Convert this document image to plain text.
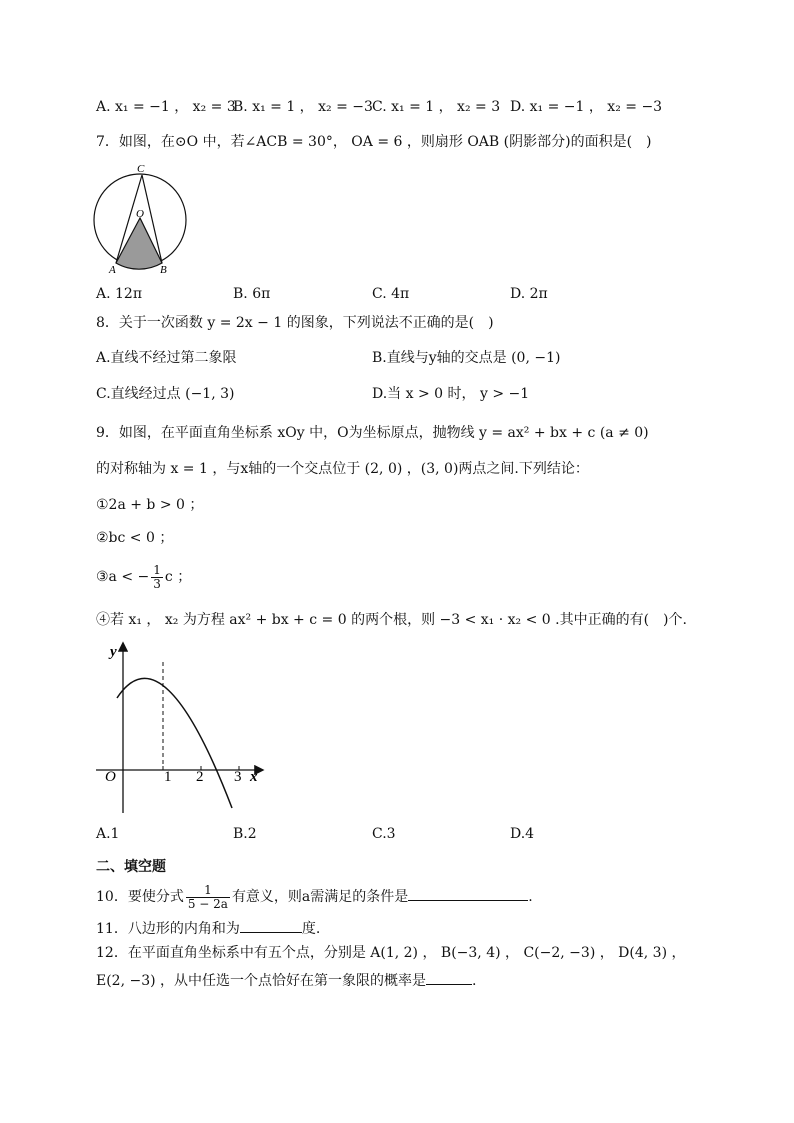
A. x₁ = −1 ， x₂ = 3
B. x₁ = 1 ， x₂ = −3 C. x₁ = 1 ， x₂ = 3 D. x₁ = −1 ， x₂ = −3
7．如图，在⊙O 中，若∠ACB = 30°， OA = 6 ，则扇形 OAB (阴影部分)的面积是(　)
C
O
A	B
A. 12π	B. 6π	C. 4π	D. 2π
8．关于一次函数 y = 2x − 1 的图象，下列说法不正确的是(　)
A.直线不经过第二象限	B.直线与y轴的交点是 (0, −1)
C.直线经过点 (−1, 3)	D.当 x > 0 时， y > −1
9．如图，在平面直角坐标系 xOy 中，O为坐标原点，抛物线 y = ax² + bx + c (a ≠ 0)
的对称轴为 x = 1 ，与x轴的一个交点位于 (2, 0) ，(3, 0)两点之间.下列结论：
①2a + b > 0 ；
②bc < 0 ；
③a < − $\frac{1}{3}$ c ；
④若 x₁ ， x₂ 为方程 ax² + bx + c = 0 的两个根，则 −3 < x₁ · x₂ < 0 .其中正确的有(　)个.
y
x
O	1 2 3
A.1	B.2	C.3	D.4
二、填空题
10．要使分式 $\frac{1}{5 - 2a}$ 有意义，则a需满足的条件是	.
11．八边形的内角和为	度.
12．在平面直角坐标系中有五个点，分别是 A(1, 2) ， B(−3, 4) ， C(−2, −3) ， D(4, 3) ，
E(2, −3) ，从中任选一个点恰好在第一象限的概率是	.
